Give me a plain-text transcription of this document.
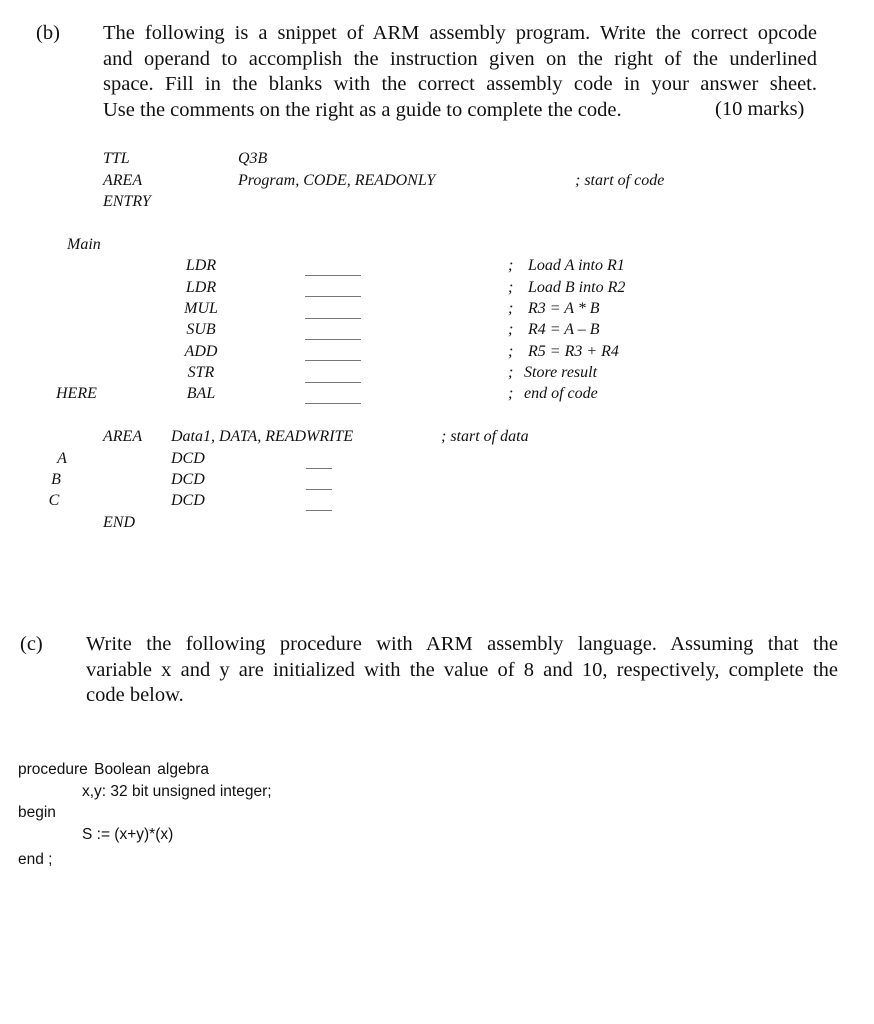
(b) The following is a snippet of ARM assembly program. Write the correct opcode
and operand to accomplish the instruction given on the right of the underlined
space. Fill in the blanks with the correct assembly code in your answer sheet.
Use the comments on the right as a guide to complete the code.	(10 marks)
TTL	Q3B
AREA	Program, CODE, READONLY	; start of code
ENTRY
Main
LDR	; Load A into R1
LDR	; Load B into R2
MUL	; R3 = A * B
SUB	; R4 = A – B
ADD	; R5 = R3 + R4
STR	; Store result
HERE	BAL	; end of code
AREA Data1, DATA, READWRITE	; start of data
A	DCD
B	DCD
C	DCD
END
(c) Write the following procedure with ARM assembly language. Assuming that the
variable x and y are initialized with the value of 8 and 10, respectively, complete the
code below.
procedure Boolean algebra
x,y: 32 bit unsigned integer;
begin
S := (x+y)*(x)
end ;
